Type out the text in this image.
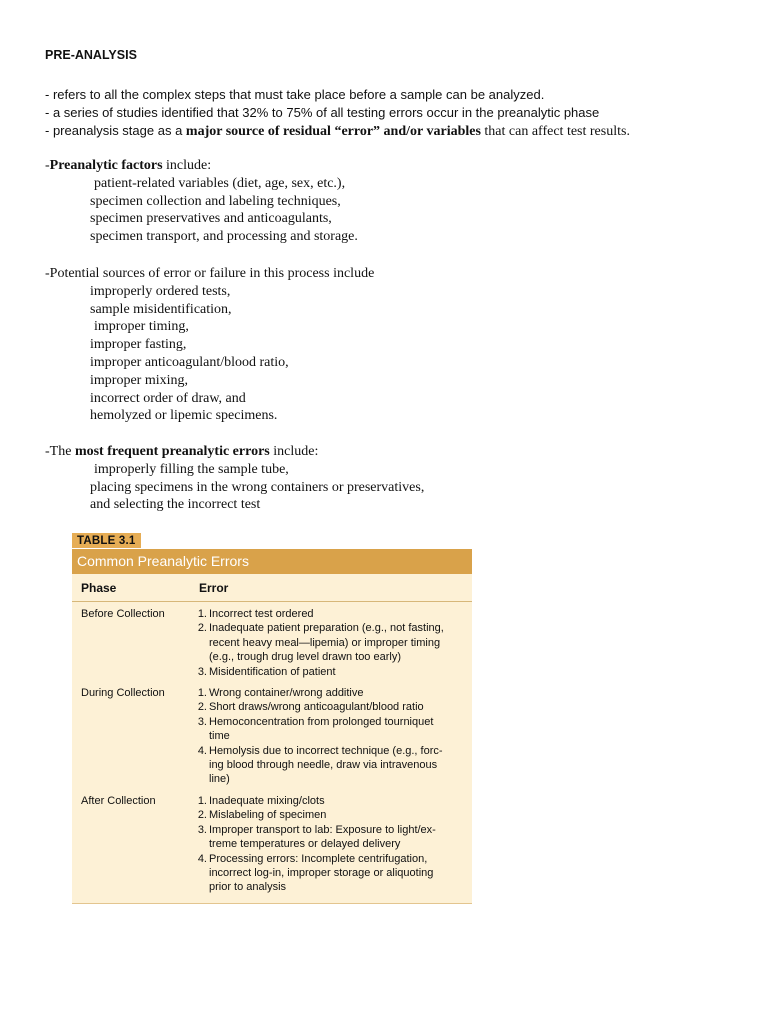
PRE-ANALYSIS
- refers to all the complex steps that must take place before a sample can be analyzed.
- a series of studies identified that 32% to 75% of all testing errors occur in the preanalytic phase
- preanalysis stage as a major source of residual “error” and/or variables that can affect test results.
-Preanalytic factors include:
patient-related variables (diet, age, sex, etc.),
specimen collection and labeling techniques,
specimen preservatives and anticoagulants,
specimen transport, and processing and storage.
-Potential sources of error or failure in this process include
improperly ordered tests,
sample misidentification,
improper timing,
improper fasting,
improper anticoagulant/blood ratio,
improper mixing,
incorrect order of draw, and
hemolyzed or lipemic specimens.
-The most frequent preanalytic errors include:
improperly filling the sample tube,
placing specimens in the wrong containers or preservatives,
and selecting the incorrect test
TABLE 3.1
Common Preanalytic Errors
Phase	Error
Before Collection	1. Incorrect test ordered
2. Inadequate patient preparation (e.g., not fasting,
recent heavy meal—lipemia) or improper timing
(e.g., trough drug level drawn too early)
3. Misidentification of patient
During Collection	1. Wrong container/wrong additive
2. Short draws/wrong anticoagulant/blood ratio
3. Hemoconcentration from prolonged tourniquet
time
4. Hemolysis due to incorrect technique (e.g., forc-
ing blood through needle, draw via intravenous
line)
After Collection	1. Inadequate mixing/clots
2. Mislabeling of specimen
3. Improper transport to lab: Exposure to light/ex-
treme temperatures or delayed delivery
4. Processing errors: Incomplete centrifugation,
incorrect log-in, improper storage or aliquoting
prior to analysis
